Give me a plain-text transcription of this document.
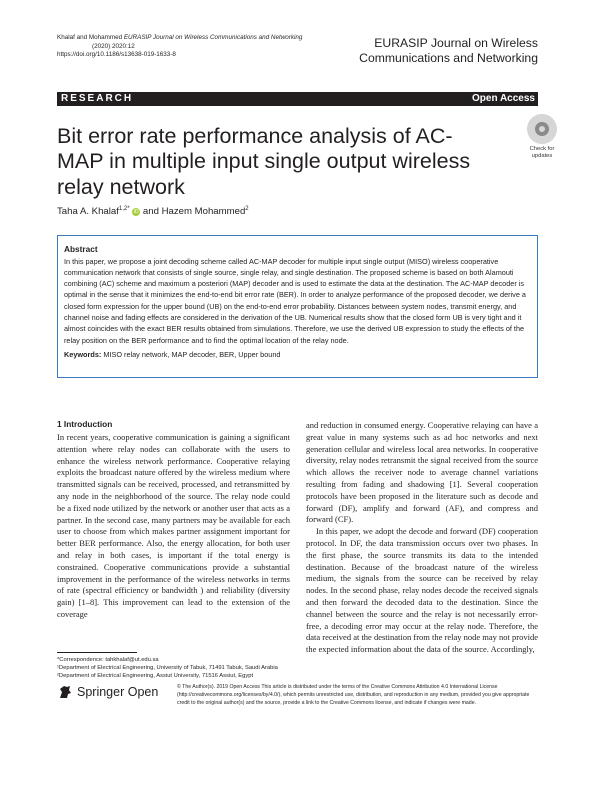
Khalaf and Mohammed EURASIP Journal on Wireless Communications and Networking
(2020) 2020:12
https://doi.org/10.1186/s13638-019-1633-8
EURASIP Journal on Wireless
Communications and Networking
RESEARCH	Open Access
Bit error rate performance analysis of AC-MAP in multiple input single output wireless relay network
Check for updates
Taha A. Khalaf$^{1,2*}$ iD and Hazem Mohammed$^2$
Abstract
In this paper, we propose a joint decoding scheme called AC-MAP decoder for multiple input single output (MISO) wireless cooperative communication network that consists of single source, single relay, and single destination. The proposed scheme is based on both Alamouti combining (AC) scheme and maximum a posteriori (MAP) decoder and is used to estimate the data at the destination. The AC-MAP decoder is optimal in the sense that it minimizes the end-to-end bit error rate (BER). In order to analyze performance of the proposed decoder, we derive a closed form expression for the upper bound (UB) on the end-to-end error probability. Distances between system nodes, transmit energy, and channel noise and fading effects are considered in the derivation of the UB. Numerical results show that the closed form UB is very tight and it almost coincides with the exact BER results obtained from simulations. Therefore, we use the derived UB expression to study the effects of the relay position on the BER performance and to find the optimal location of the relay node.
Keywords: MISO relay network, MAP decoder, BER, Upper bound
1 Introduction

In recent years, cooperative communication is gaining a significant attention where relay nodes can collaborate with the users to enhance the wireless network performance. Cooperative relaying exploits the broadcast nature offered by the wireless medium where transmitted signals can be received, processed, and retransmitted by any node in the neighborhood of the source. The relay node could be a fixed node utilized by the network or another user that acts as a partner. In the second case, many partners may be available for each user to choose from which makes partner assignment important for better BER performance. Also, the energy allocation, for both user and relay in both cases, is important if the total energy is constrained. Cooperative communications provide a substantial improvement in the performance of the wireless networks in terms of rate (spectral efficiency or bandwidth ) and reliability (diversity gain) [1–8]. This improvement can lead to the extension of the coverage

and reduction in consumed energy. Cooperative relaying can have a great value in many systems such as ad hoc networks and next generation cellular and wireless local area networks. In cooperative diversity, relay nodes retransmit the signal received from the source which allows the receiver node to average channel variations resulting from fading and shadowing [1]. Several cooperation protocols have been proposed in the literature such as decode and forward (DF), amplify and forward (AF), and compress and forward (CF).

In this paper, we adopt the decode and forward (DF) cooperation protocol. In DF, the data transmission occurs over two phases. In the first phase, the source transmits its data to the intended destination. Because of the broadcast nature of the wireless medium, the signals from the source can be received by relay nodes. In the second phase, relay nodes decode the received signals and then forward the decoded data to the destination. Since the channel between the source and the relay is not necessarily error-free, a decoding error may occur at the relay node. Therefore, the data received at the destination from the relay node may not provide the expected information about the data of the source. Accordingly,

*Correspondence: tahkhalaf@ut.edu.sa
¹Department of Electrical Engineering, University of Tabuk, 71491 Tabuk, Saudi Arabia
²Department of Electrical Engineering, Assiut University, 71516 Assiut, Egypt
Springer Open	© The Author(s). 2019 Open Access This article is distributed under the terms of the Creative Commons Attribution 4.0 International License (http://creativecommons.org/licenses/by/4.0/), which permits unrestricted use, distribution, and reproduction in any medium, provided you give appropriate credit to the original author(s) and the source, provide a link to the Creative Commons license, and indicate if changes were made.
